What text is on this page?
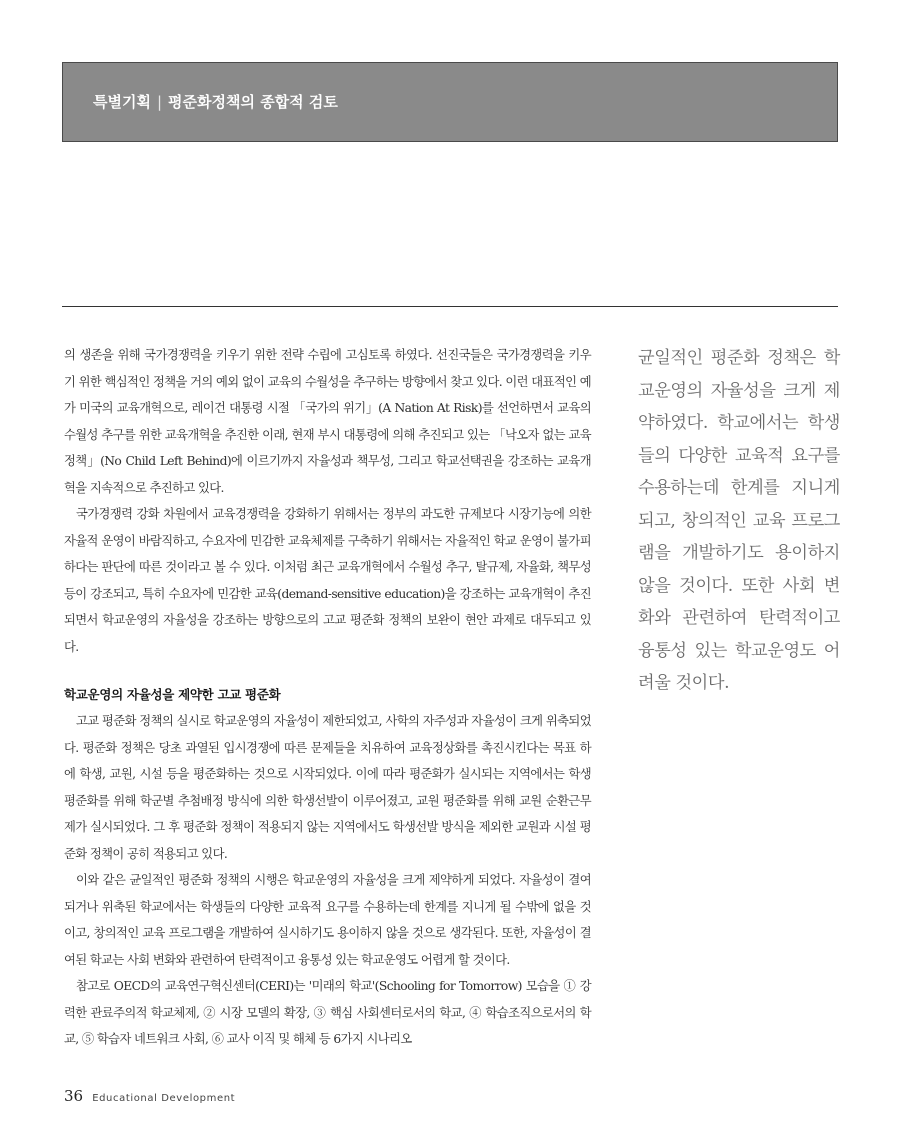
특별기획 | 평준화정책의 종합적 검토

의 생존을 위해 국가경쟁력을 키우기 위한 전략 수립에 고심토록 하였다. 선진국들은 국가경쟁력을 키우기 위한 핵심적인 정책을 거의 예외 없이 교육의 수월성을 추구하는 방향에서 찾고 있다. 이런 대표적인 예가 미국의 교육개혁으로, 레이건 대통령 시절 「국가의 위기」(A Nation At Risk)를 선언하면서 교육의 수월성 추구를 위한 교육개혁을 추진한 이래, 현재 부시 대통령에 의해 추진되고 있는 「낙오자 없는 교육정책」(No Child Left Behind)에 이르기까지 자율성과 책무성, 그리고 학교선택권을 강조하는 교육개혁을 지속적으로 추진하고 있다.

국가경쟁력 강화 차원에서 교육경쟁력을 강화하기 위해서는 정부의 과도한 규제보다 시장기능에 의한 자율적 운영이 바람직하고, 수요자에 민감한 교육체제를 구축하기 위해서는 자율적인 학교 운영이 불가피하다는 판단에 따른 것이라고 볼 수 있다. 이처럼 최근 교육개혁에서 수월성 추구, 탈규제, 자율화, 책무성 등이 강조되고, 특히 수요자에 민감한 교육(demand-sensitive education)을 강조하는 교육개혁이 추진되면서 학교운영의 자율성을 강조하는 방향으로의 고교 평준화 정책의 보완이 현안 과제로 대두되고 있다.

학교운영의 자율성을 제약한 고교 평준화

고교 평준화 정책의 실시로 학교운영의 자율성이 제한되었고, 사학의 자주성과 자율성이 크게 위축되었다. 평준화 정책은 당초 과열된 입시경쟁에 따른 문제들을 치유하여 교육정상화를 촉진시킨다는 목표 하에 학생, 교원, 시설 등을 평준화하는 것으로 시작되었다. 이에 따라 평준화가 실시되는 지역에서는 학생 평준화를 위해 학군별 추첨배정 방식에 의한 학생선발이 이루어졌고, 교원 평준화를 위해 교원 순환근무제가 실시되었다. 그 후 평준화 정책이 적용되지 않는 지역에서도 학생선발 방식을 제외한 교원과 시설 평준화 정책이 공히 적용되고 있다.

이와 같은 균일적인 평준화 정책의 시행은 학교운영의 자율성을 크게 제약하게 되었다. 자율성이 결여되거나 위축된 학교에서는 학생들의 다양한 교육적 요구를 수용하는데 한계를 지니게 될 수밖에 없을 것이고, 창의적인 교육 프로그램을 개발하여 실시하기도 용이하지 않을 것으로 생각된다. 또한, 자율성이 결여된 학교는 사회 변화와 관련하여 탄력적이고 융통성 있는 학교운영도 어렵게 할 것이다.

참고로 OECD의 교육연구혁신센터(CERI)는 '미래의 학교'(Schooling for Tomorrow) 모습을 ① 강력한 관료주의적 학교체제, ② 시장 모델의 확장, ③ 핵심 사회센터로서의 학교, ④ 학습조직으로서의 학교, ⑤ 학습자 네트워크 사회, ⑥ 교사 이직 및 해체 등 6가지 시나리오

균일적인 평준화 정책은 학교운영의 자율성을 크게 제약하였다. 학교에서는 학생들의 다양한 교육적 요구를 수용하는데 한계를 지니게 되고, 창의적인 교육 프로그램을 개발하기도 용이하지 않을 것이다. 또한 사회 변화와 관련하여 탄력적이고 융통성 있는 학교운영도 어려울 것이다.
36 Educational Development
